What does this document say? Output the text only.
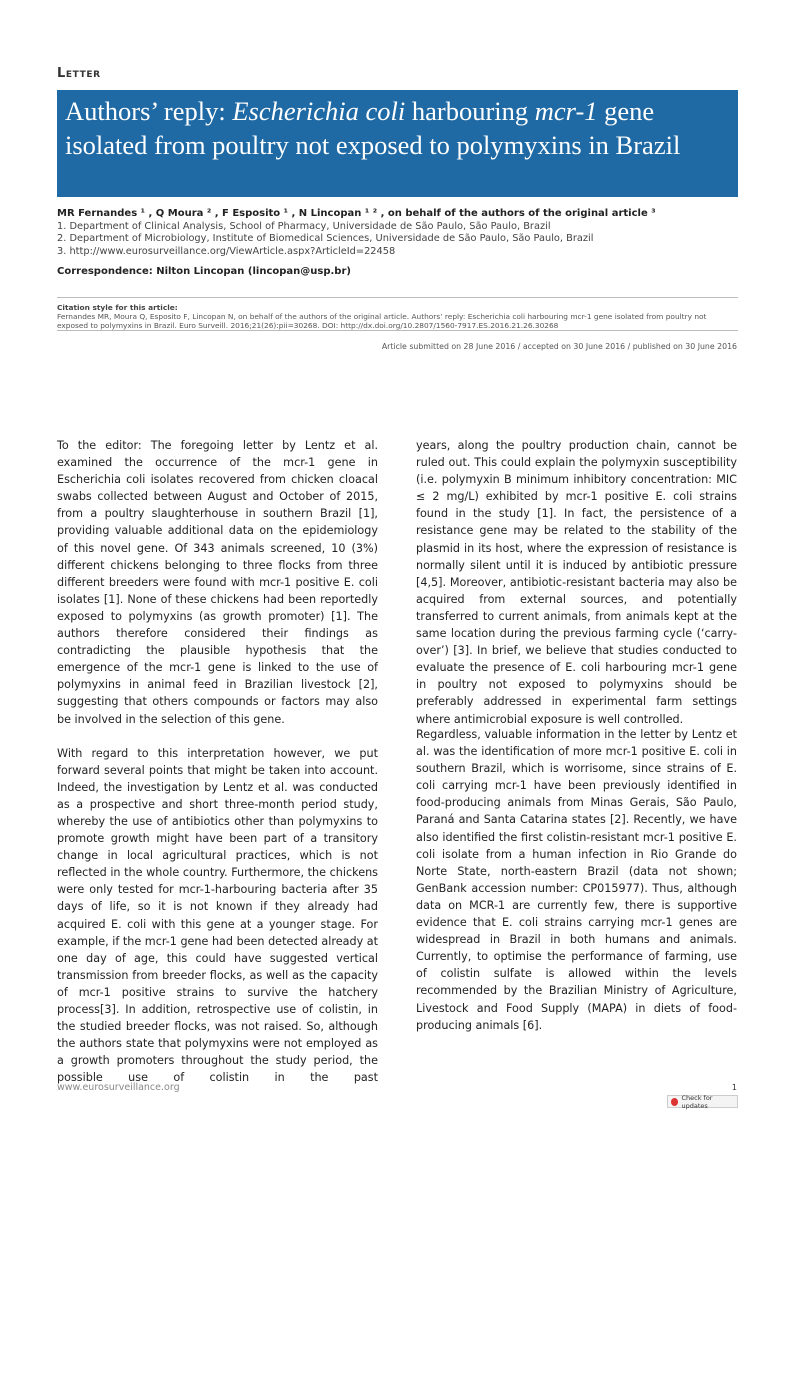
Letter
Authors’ reply: Escherichia coli harbouring mcr-1 gene isolated from poultry not exposed to polymyxins in Brazil
MR Fernandes ¹ , Q Moura ² , F Esposito ¹ , N Lincopan ¹ ² , on behalf of the authors of the original article ³
1. Department of Clinical Analysis, School of Pharmacy, Universidade de São Paulo, São Paulo, Brazil
2. Department of Microbiology, Institute of Biomedical Sciences, Universidade de São Paulo, São Paulo, Brazil
3. http://www.eurosurveillance.org/ViewArticle.aspx?ArticleId=22458
Correspondence: Nilton Lincopan (lincopan@usp.br)
Citation style for this article:
Fernandes MR, Moura Q, Esposito F, Lincopan N, on behalf of the authors of the original article. Authors’ reply: Escherichia coli harbouring mcr-1 gene isolated from poultry not exposed to polymyxins in Brazil. Euro Surveill. 2016;21(26):pii=30268. DOI: http://dx.doi.org/10.2807/1560-7917.ES.2016.21.26.30268
Article submitted on 28 June 2016 / accepted on 30 June 2016 / published on 30 June 2016

To the editor: The foregoing letter by Lentz et al. examined the occurrence of the mcr-1 gene in Escherichia coli isolates recovered from chicken cloacal swabs collected between August and October of 2015, from a poultry slaughterhouse in southern Brazil [1], providing valuable additional data on the epidemiology of this novel gene. Of 343 animals screened, 10 (3%) different chickens belonging to three flocks from three different breeders were found with mcr-1 positive E. coli isolates [1]. None of these chickens had been reportedly exposed to polymyxins (as growth promoter) [1]. The authors therefore considered their findings as contradicting the plausible hypothesis that the emergence of the mcr-1 gene is linked to the use of polymyxins in animal feed in Brazilian livestock [2], suggesting that others compounds or factors may also be involved in the selection of this gene.

With regard to this interpretation however, we put forward several points that might be taken into account. Indeed, the investigation by Lentz et al. was conducted as a prospective and short three-month period study, whereby the use of antibiotics other than polymyxins to promote growth might have been part of a transitory change in local agricultural practices, which is not reflected in the whole country. Furthermore, the chickens were only tested for mcr-1-harbouring bacteria after 35 days of life, so it is not known if they already had acquired E. coli with this gene at a younger stage. For example, if the mcr-1 gene had been detected already at one day of age, this could have suggested vertical transmission from breeder flocks, as well as the capacity of mcr-1 positive strains to survive the hatchery process[3]. In addition, retrospective use of colistin, in the studied breeder flocks, was not raised. So, although the authors state that polymyxins were not employed as a growth promoters throughout the study period, the possible use of colistin in the past

years, along the poultry production chain, cannot be ruled out. This could explain the polymyxin susceptibility (i.e. polymyxin B minimum inhibitory concentration: MIC ≤ 2 mg/L) exhibited by mcr-1 positive E. coli strains found in the study [1]. In fact, the persistence of a resistance gene may be related to the stability of the plasmid in its host, where the expression of resistance is normally silent until it is induced by antibiotic pressure [4,5]. Moreover, antibiotic-resistant bacteria may also be acquired from external sources, and potentially transferred to current animals, from animals kept at the same location during the previous farming cycle (‘carry-over’) [3]. In brief, we believe that studies conducted to evaluate the presence of E. coli harbouring mcr-1 gene in poultry not exposed to polymyxins should be preferably addressed in experimental farm settings where antimicrobial exposure is well controlled.

Regardless, valuable information in the letter by Lentz et al. was the identification of more mcr-1 positive E. coli in southern Brazil, which is worrisome, since strains of E. coli carrying mcr-1 have been previously identified in food-producing animals from Minas Gerais, São Paulo, Paraná and Santa Catarina states [2]. Recently, we have also identified the first colistin-resistant mcr-1 positive E. coli isolate from a human infection in Rio Grande do Norte State, north-eastern Brazil (data not shown; GenBank accession number: CP015977). Thus, although data on MCR-1 are currently few, there is supportive evidence that E. coli strains carrying mcr-1 genes are widespread in Brazil in both humans and animals. Currently, to optimise the performance of farming, use of colistin sulfate is allowed within the levels recommended by the Brazilian Ministry of Agriculture, Livestock and Food Supply (MAPA) in diets of food-producing animals [6].

www.eurosurveillance.org	1
Check for updates
